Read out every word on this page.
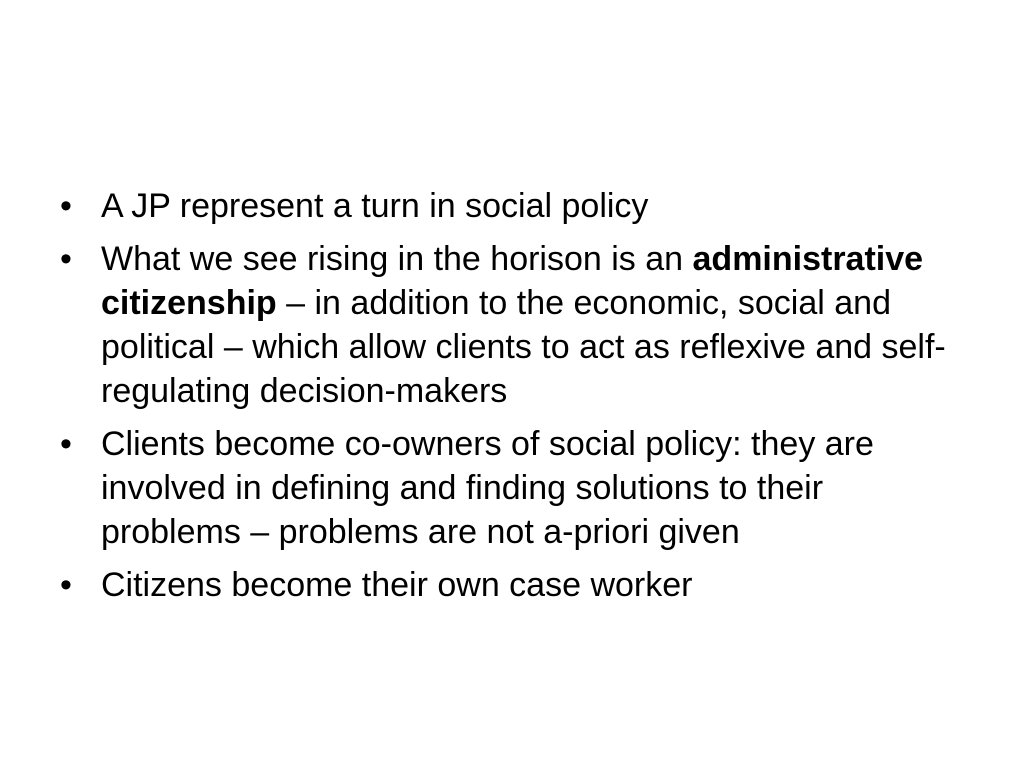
• A JP represent a turn in social policy
• What we see rising in the horison is an administrative citizenship – in addition to the economic, social and political – which allow clients to act as reflexive and self-regulating decision-makers
• Clients become co-owners of social policy: they are involved in defining and finding solutions to their problems – problems are not a-priori given
• Citizens become their own case worker
